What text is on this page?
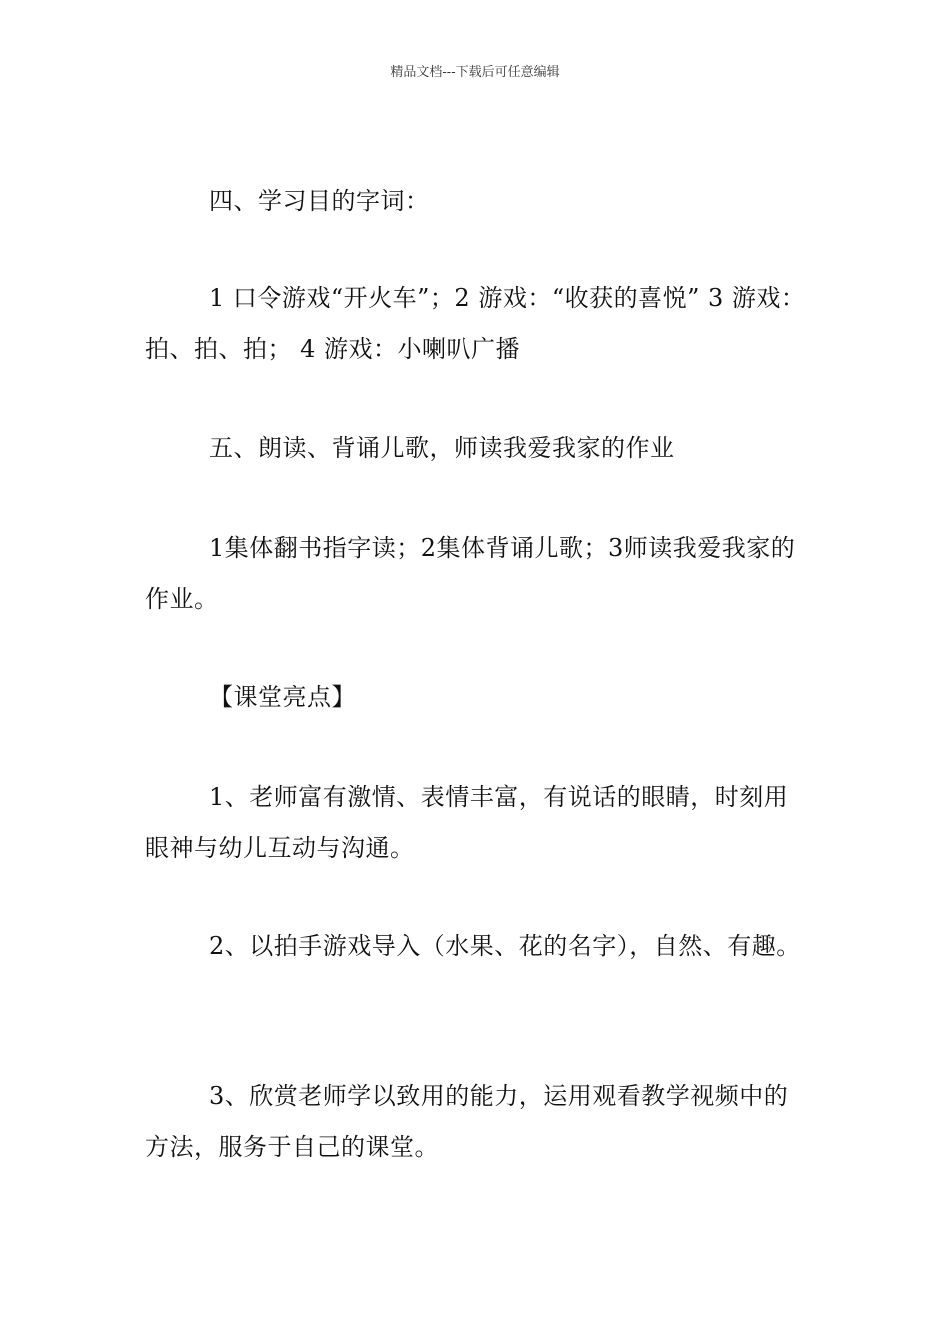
精品文档---下载后可任意编辑

四、学习目的字词：

1 口令游戏“开火车”；2 游戏：“收获的喜悦” 3 游戏：拍、拍、拍； 4 游戏：小喇叭广播

五、朗读、背诵儿歌，师读我爱我家的作业

1集体翻书指字读；2集体背诵儿歌；3师读我爱我家的作业。

【课堂亮点】

1、老师富有激情、表情丰富，有说话的眼睛，时刻用眼神与幼儿互动与沟通。

2、以拍手游戏导入（水果、花的名字），自然、有趣。

3、欣赏老师学以致用的能力，运用观看教学视频中的方法，服务于自己的课堂。
